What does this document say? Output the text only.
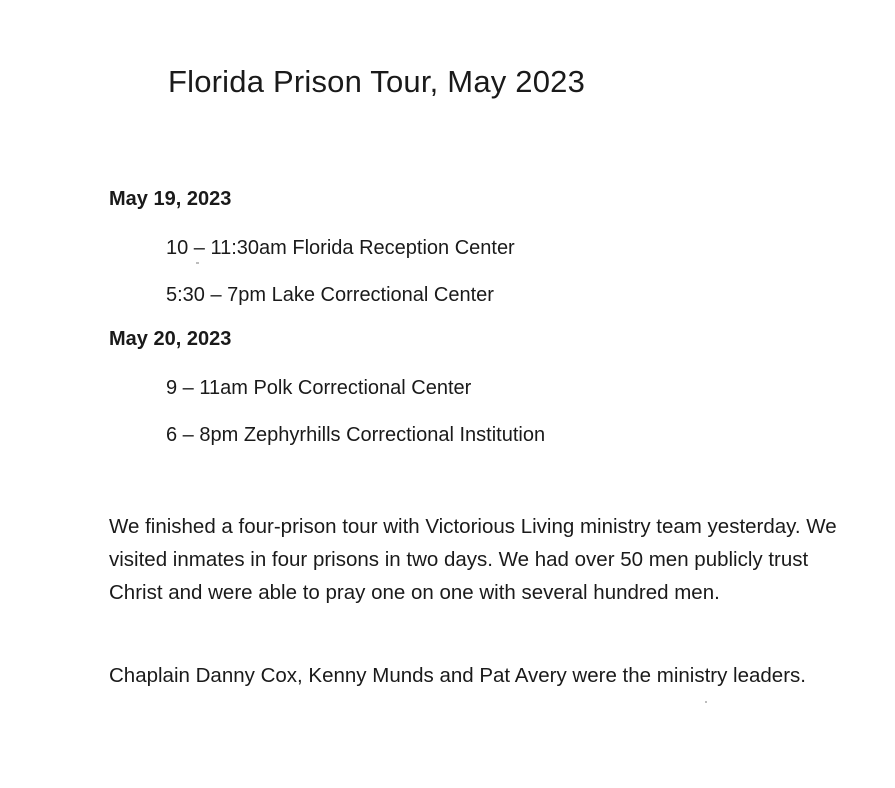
Florida Prison Tour, May 2023
May 19, 2023
10 – 11:30am Florida Reception Center
5:30 – 7pm Lake Correctional Center
May 20, 2023
9 – 11am Polk Correctional Center
6 – 8pm Zephyrhills Correctional Institution

We finished a four-prison tour with Victorious Living ministry team yesterday. We visited inmates in four prisons in two days. We had over 50 men publicly trust Christ and were able to pray one on one with several hundred men.

Chaplain Danny Cox, Kenny Munds and Pat Avery were the ministry leaders.
